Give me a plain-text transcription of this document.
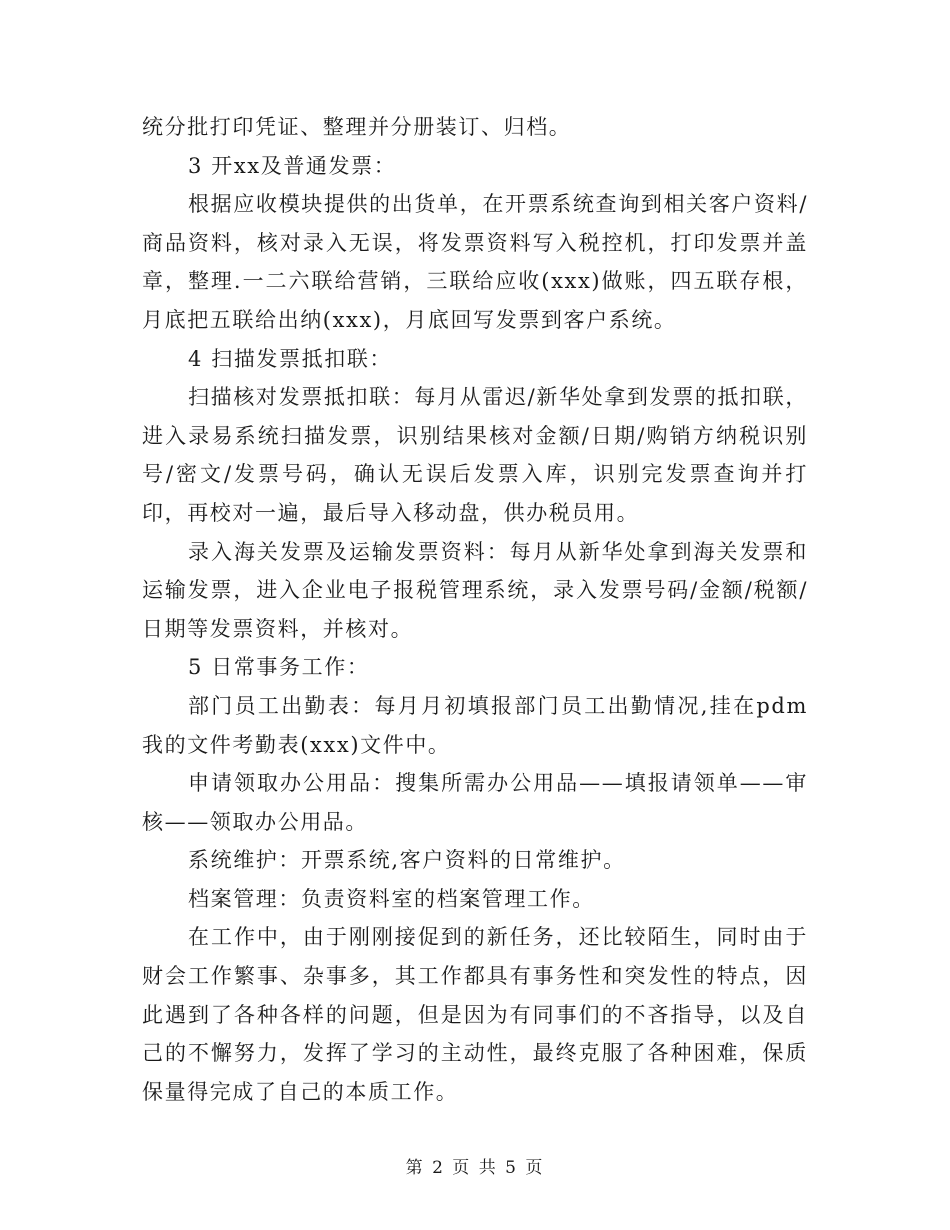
统分批打印凭证、整理并分册装订、归档。

3 开xx及普通发票：

根据应收模块提供的出货单，在开票系统查询到相关客户资料/商品资料，核对录入无误，将发票资料写入税控机，打印发票并盖章，整理.一二六联给营销，三联给应收(xxx)做账，四五联存根，月底把五联给出纳(xxx)，月底回写发票到客户系统。

4 扫描发票抵扣联：

扫描核对发票抵扣联：每月从雷迟/新华处拿到发票的抵扣联，进入录易系统扫描发票，识别结果核对金额/日期/购销方纳税识别号/密文/发票号码，确认无误后发票入库，识别完发票查询并打印，再校对一遍，最后导入移动盘，供办税员用。

录入海关发票及运输发票资料：每月从新华处拿到海关发票和运输发票，进入企业电子报税管理系统，录入发票号码/金额/税额/日期等发票资料，并核对。

5 日常事务工作：

部门员工出勤表：每月月初填报部门员工出勤情况,挂在pdm我的文件考勤表(xxx)文件中。

申请领取办公用品：搜集所需办公用品——填报请领单——审核——领取办公用品。

系统维护：开票系统,客户资料的日常维护。

档案管理：负责资料室的档案管理工作。

在工作中，由于刚刚接促到的新任务，还比较陌生，同时由于财会工作繁事、杂事多，其工作都具有事务性和突发性的特点，因此遇到了各种各样的问题，但是因为有同事们的不吝指导，以及自己的不懈努力，发挥了学习的主动性，最终克服了各种困难，保质保量得完成了自己的本质工作。

第 2 页 共 5 页
